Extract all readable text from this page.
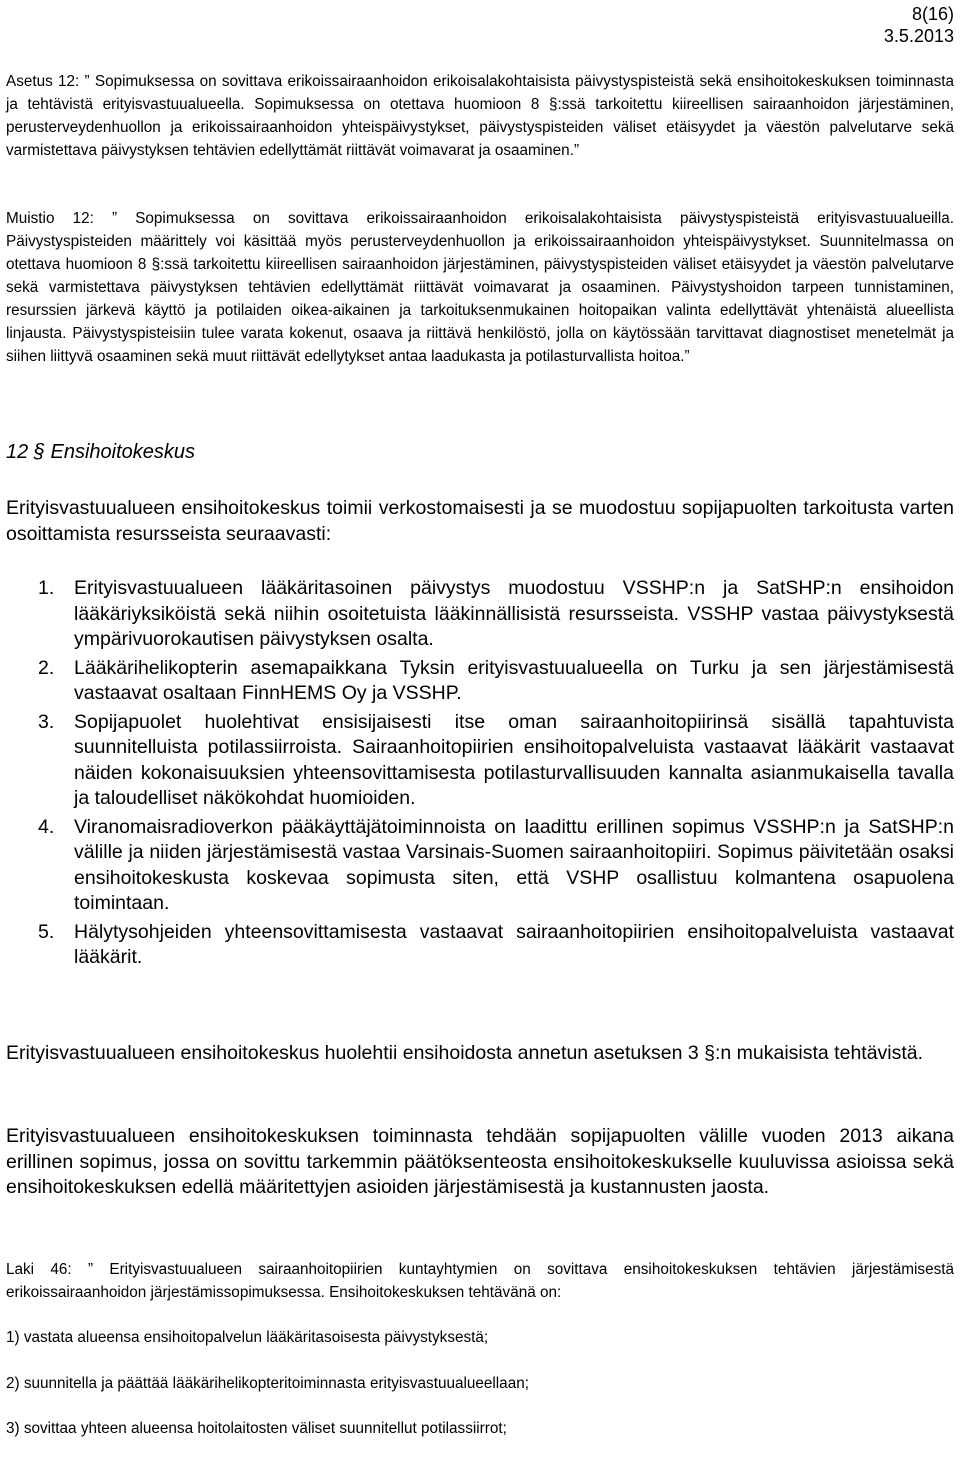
8(16)
3.5.2013

Asetus 12: ” Sopimuksessa on sovittava erikoissairaanhoidon erikoisalakohtaisista päivystyspisteistä sekä ensihoitokeskuksen toiminnasta ja tehtävistä erityisvastuualueella. Sopimuksessa on otettava huomioon 8 §:ssä tarkoitettu kiireellisen sairaanhoidon järjestäminen, perusterveydenhuollon ja erikoissairaanhoidon yhteispäivystykset, päivystyspisteiden väliset etäisyydet ja väestön palvelutarve sekä varmistettava päivystyksen tehtävien edellyttämät riittävät voimavarat ja osaaminen.”

Muistio 12: ” Sopimuksessa on sovittava erikoissairaanhoidon erikoisalakohtaisista päivystyspisteistä erityisvastuualueilla. Päivystyspisteiden määrittely voi käsittää myös perusterveydenhuollon ja erikoissairaanhoidon yhteispäivystykset. Suunnitelmassa on otettava huomioon 8 §:ssä tarkoitettu kiireellisen sairaanhoidon järjestäminen, päivystyspisteiden väliset etäisyydet ja väestön palvelutarve sekä varmistettava päivystyksen tehtävien edellyttämät riittävät voimavarat ja osaaminen. Päivystyshoidon tarpeen tunnistaminen, resurssien järkevä käyttö ja potilaiden oikea-aikainen ja tarkoituksenmukainen hoitopaikan valinta edellyttävät yhtenäistä alueellista linjausta. Päivystyspisteisiin tulee varata kokenut, osaava ja riittävä henkilöstö, jolla on käytössään tarvittavat diagnostiset menetelmät ja siihen liittyvä osaaminen sekä muut riittävät edellytykset antaa laadukasta ja potilasturvallista hoitoa.”

12 § Ensihoitokeskus

Erityisvastuualueen ensihoitokeskus toimii verkostomaisesti ja se muodostuu sopijapuolten tarkoitusta varten osoittamista resursseista seuraavasti:

1. Erityisvastuualueen lääkäritasoinen päivystys muodostuu VSSHP:n ja SatSHP:n ensihoidon lääkäriyksiköistä sekä niihin osoitetuista lääkinnällisistä resursseista. VSSHP vastaa päivystyksestä ympärivuorokautisen päivystyksen osalta.
2. Lääkärihelikopterin asemapaikkana Tyksin erityisvastuualueella on Turku ja sen järjestämisestä vastaavat osaltaan FinnHEMS Oy ja VSSHP.
3. Sopijapuolet huolehtivat ensisijaisesti itse oman sairaanhoitopiirinsä sisällä tapahtuvista suunnitelluista potilassiirroista. Sairaanhoitopiirien ensihoitopalveluista vastaavat lääkärit vastaavat näiden kokonaisuuksien yhteensovittamisesta potilasturvallisuuden kannalta asianmukaisella tavalla ja taloudelliset näkökohdat huomioiden.
4. Viranomaisradioverkon pääkäyttäjätoiminnoista on laadittu erillinen sopimus VSSHP:n ja SatSHP:n välille ja niiden järjestämisestä vastaa Varsinais-Suomen sairaanhoitopiiri. Sopimus päivitetään osaksi ensihoitokeskusta koskevaa sopimusta siten, että VSHP osallistuu kolmantena osapuolena toimintaan.
5. Hälytysohjeiden yhteensovittamisesta vastaavat sairaanhoitopiirien ensihoitopalveluista vastaavat lääkärit.

Erityisvastuualueen ensihoitokeskus huolehtii ensihoidosta annetun asetuksen 3 §:n mukaisista tehtävistä.

Erityisvastuualueen ensihoitokeskuksen toiminnasta tehdään sopijapuolten välille vuoden 2013 aikana erillinen sopimus, jossa on sovittu tarkemmin päätöksenteosta ensihoitokeskukselle kuuluvissa asioissa sekä ensihoitokeskuksen edellä määritettyjen asioiden järjestämisestä ja kustannusten jaosta.

Laki 46: ” Erityisvastuualueen sairaanhoitopiirien kuntayhtymien on sovittava ensihoitokeskuksen tehtävien järjestämisestä erikoissairaanhoidon järjestämissopimuksessa. Ensihoitokeskuksen tehtävänä on:

1) vastata alueensa ensihoitopalvelun lääkäritasoisesta päivystyksestä;
2) suunnitella ja päättää lääkärihelikopteritoiminnasta erityisvastuualueellaan;
3) sovittaa yhteen alueensa hoitolaitosten väliset suunnitellut potilassiirrot;
